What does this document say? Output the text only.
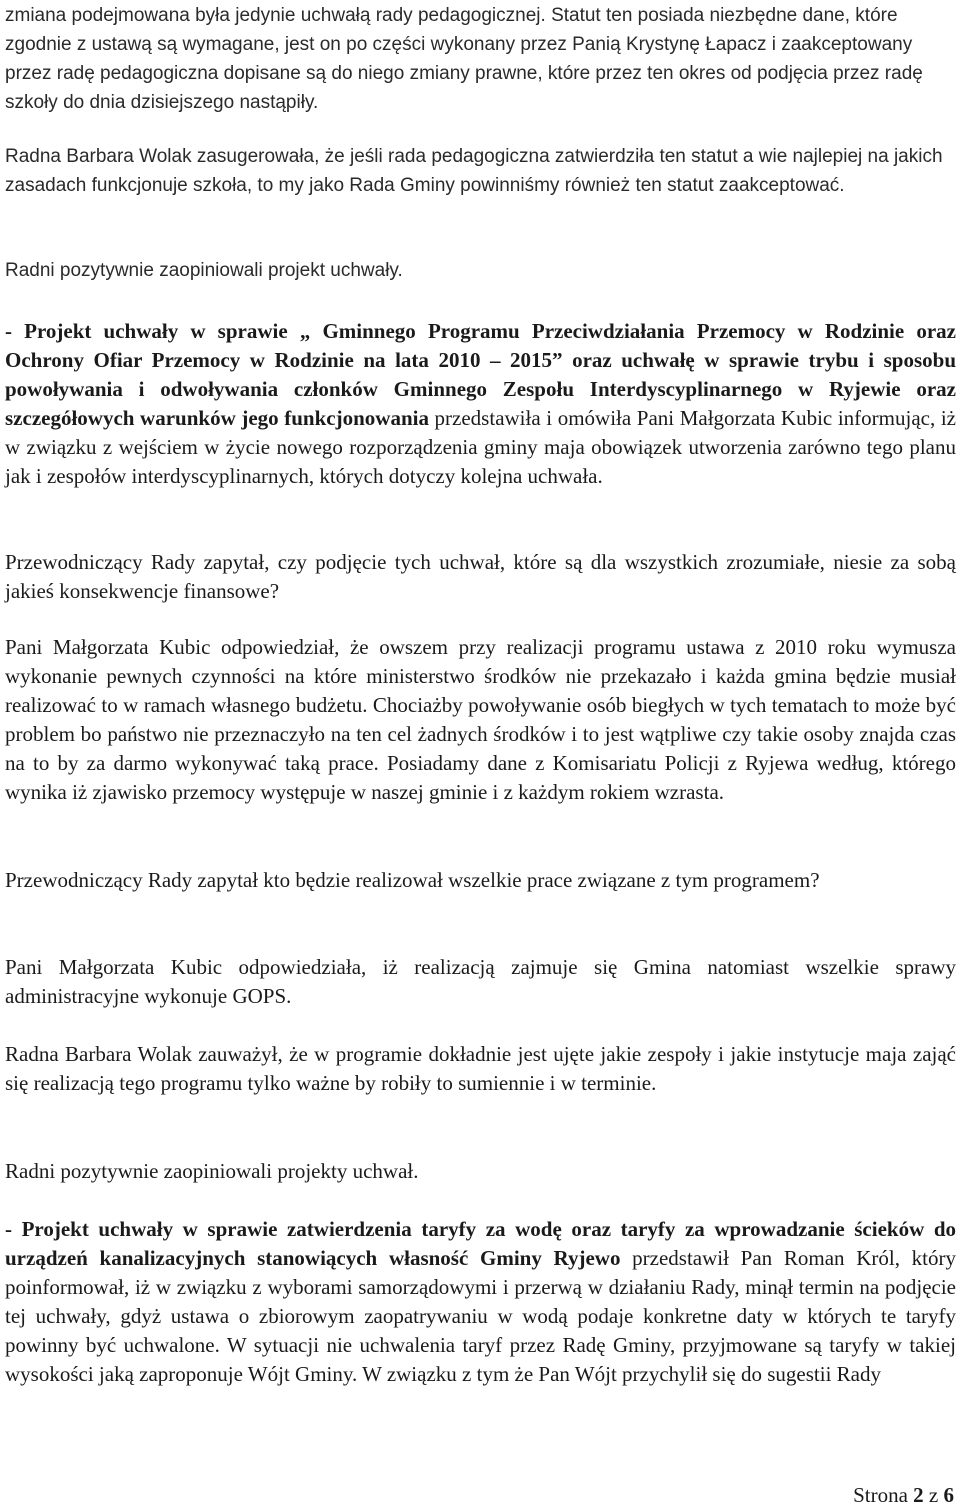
zmiana podejmowana była jedynie uchwałą rady pedagogicznej. Statut ten posiada niezbędne dane, które zgodnie z ustawą są wymagane, jest on po części wykonany przez Panią Krystynę Łapacz i zaakceptowany przez radę pedagogiczna dopisane są do niego zmiany prawne, które przez ten okres od podjęcia przez radę szkoły do dnia dzisiejszego nastąpiły.
Radna Barbara Wolak zasugerowała, że jeśli rada pedagogiczna zatwierdziła ten statut a wie najlepiej na jakich zasadach funkcjonuje szkoła, to my jako Rada Gminy powinniśmy również ten statut zaakceptować.
Radni pozytywnie zaopiniowali projekt uchwały.
- Projekt uchwały w sprawie „ Gminnego Programu Przeciwdziałania Przemocy w Rodzinie oraz Ochrony Ofiar Przemocy w Rodzinie na lata 2010 – 2015” oraz uchwałę w sprawie trybu i sposobu powoływania i odwoływania członków Gminnego Zespołu Interdyscyplinarnego w Ryjewie oraz szczegółowych warunków jego funkcjonowania przedstawiła i omówiła Pani Małgorzata Kubic informując, iż w związku z wejściem w życie nowego rozporządzenia gminy maja obowiązek utworzenia zarówno tego planu jak i zespołów interdyscyplinarnych, których dotyczy kolejna uchwała.
Przewodniczący Rady zapytał, czy podjęcie tych uchwał, które są dla wszystkich zrozumiałe, niesie za sobą jakieś konsekwencje finansowe?
Pani Małgorzata Kubic odpowiedział, że owszem przy realizacji programu ustawa z 2010 roku wymusza wykonanie pewnych czynności na które ministerstwo środków nie przekazało i każda gmina będzie musiał realizować to w ramach własnego budżetu. Chociażby powoływanie osób biegłych w tych tematach to może być problem bo państwo nie przeznaczyło na ten cel żadnych środków i to jest wątpliwe czy takie osoby znajda czas na to by za darmo wykonywać taką prace. Posiadamy dane z Komisariatu Policji z Ryjewa według, którego wynika iż zjawisko przemocy występuje w naszej gminie i z każdym rokiem wzrasta.
Przewodniczący Rady zapytał kto będzie realizował wszelkie prace związane z tym programem?
Pani Małgorzata Kubic odpowiedziała, iż realizacją zajmuje się Gmina natomiast wszelkie sprawy administracyjne wykonuje GOPS.
Radna Barbara Wolak zauważył, że w programie dokładnie jest ujęte jakie zespoły i jakie instytucje maja zająć się realizacją tego programu tylko ważne by robiły to sumiennie i w terminie.
Radni pozytywnie zaopiniowali projekty uchwał.
- Projekt uchwały w sprawie zatwierdzenia taryfy za wodę oraz taryfy za wprowadzanie ścieków do urządzeń kanalizacyjnych stanowiących własność Gminy Ryjewo przedstawił Pan Roman Król, który poinformował, iż w związku z wyborami samorządowymi i przerwą w działaniu Rady, minął termin na podjęcie tej uchwały, gdyż ustawa o zbiorowym zaopatrywaniu w wodą podaje konkretne daty w których te taryfy powinny być uchwalone. W sytuacji nie uchwalenia taryf przez Radę Gminy, przyjmowane są taryfy w takiej wysokości jaką zaproponuje Wójt Gminy. W związku z tym że Pan Wójt przychylił się do sugestii Rady
Strona 2 z 6
